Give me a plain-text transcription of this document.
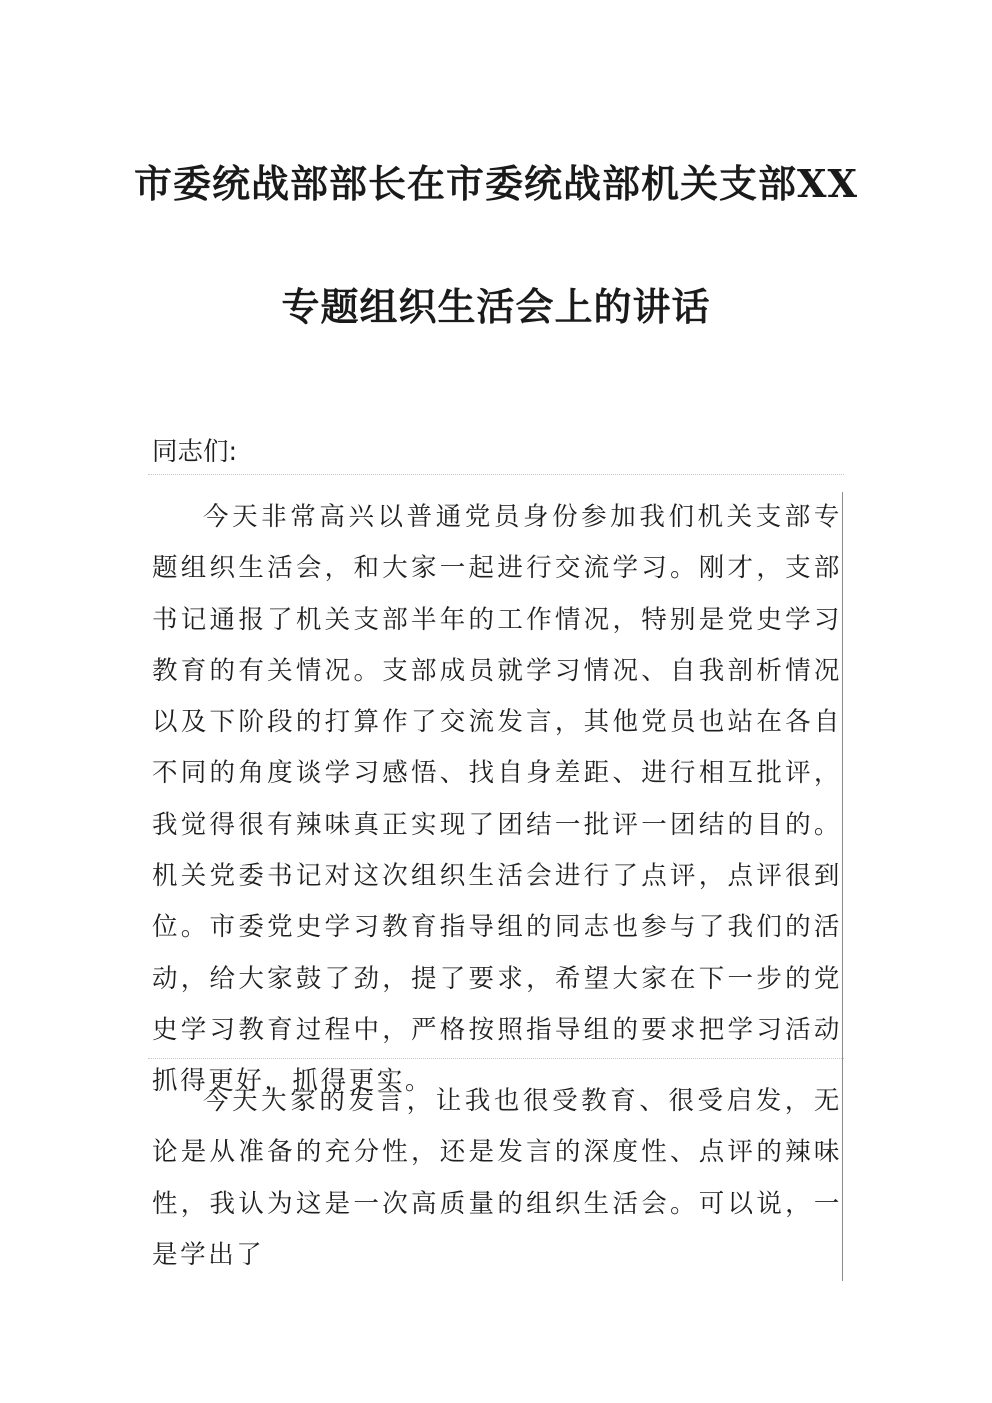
市委统战部部长在市委统战部机关支部XX
专题组织生活会上的讲话
同志们:
今天非常高兴以普通党员身份参加我们机关支部专题组织生活会，和大家一起进行交流学习。刚才，支部书记通报了机关支部半年的工作情况，特别是党史学习教育的有关情况。支部成员就学习情况、自我剖析情况以及下阶段的打算作了交流发言，其他党员也站在各自不同的角度谈学习感悟、找自身差距、进行相互批评，我觉得很有辣味真正实现了团结一批评一团结的目的。机关党委书记对这次组织生活会进行了点评，点评很到位。市委党史学习教育指导组的同志也参与了我们的活动，给大家鼓了劲，提了要求，希望大家在下一步的党史学习教育过程中，严格按照指导组的要求把学习活动抓得更好，抓得更实。
今天大家的发言，让我也很受教育、很受启发，无论是从准备的充分性，还是发言的深度性、点评的辣味性，我认为这是一次高质量的组织生活会。可以说，一是学出了
